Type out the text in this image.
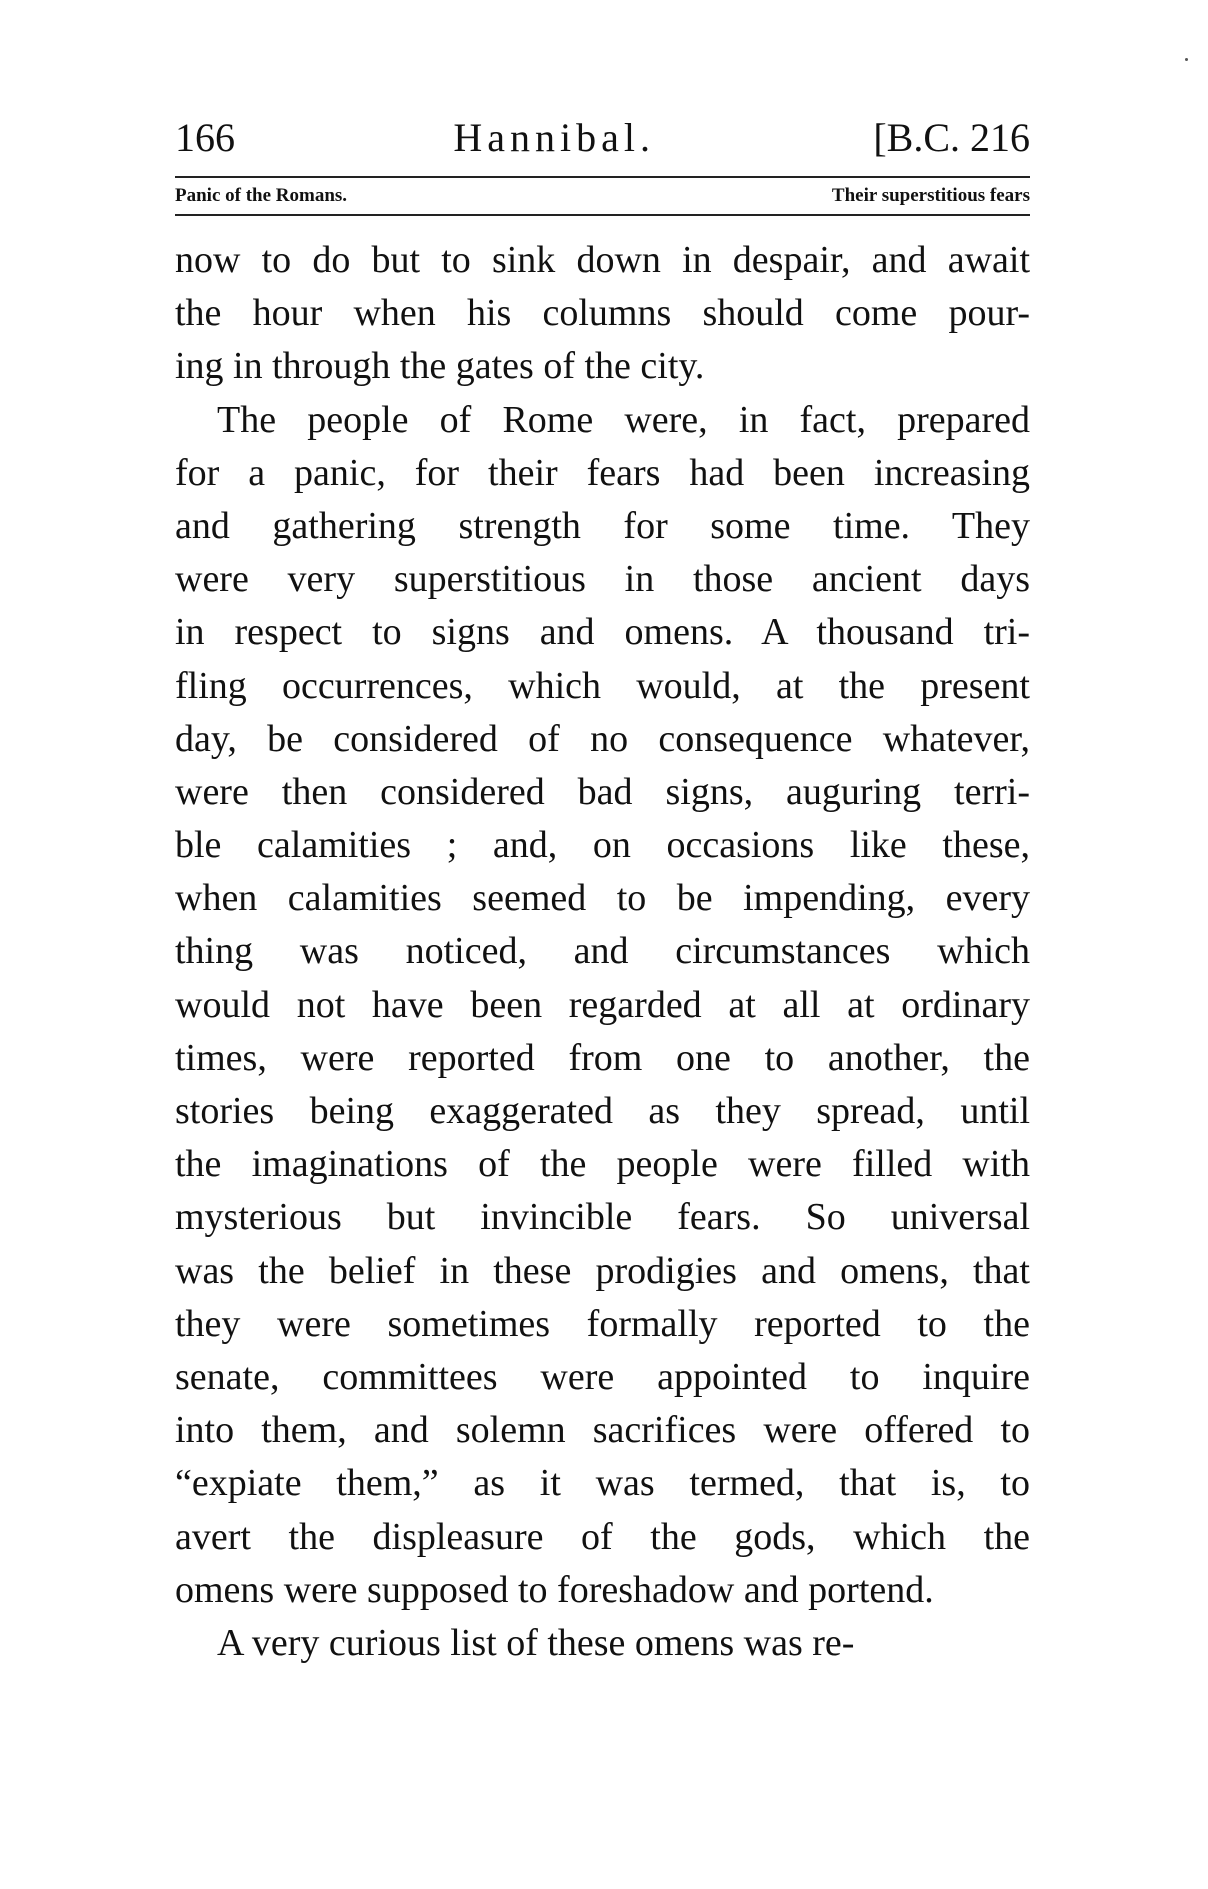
166	Hannibal.	[B.C. 216
Panic of the Romans.	Their superstitious fears

now to do but to sink down in despair, and await
the hour when his columns should come pour-
ing in through the gates of the city.

The people of Rome were, in fact, prepared
for a panic, for their fears had been increasing
and gathering strength for some time. They
were very superstitious in those ancient days
in respect to signs and omens. A thousand tri-
fling occurrences, which would, at the present
day, be considered of no consequence whatever,
were then considered bad signs, auguring terri-
ble calamities ; and, on occasions like these,
when calamities seemed to be impending, every
thing was noticed, and circumstances which
would not have been regarded at all at ordinary
times, were reported from one to another, the
stories being exaggerated as they spread, until
the imaginations of the people were filled with
mysterious but invincible fears. So universal
was the belief in these prodigies and omens, that
they were sometimes formally reported to the
senate, committees were appointed to inquire
into them, and solemn sacrifices were offered to
“expiate them,” as it was termed, that is, to
avert the displeasure of the gods, which the
omens were supposed to foreshadow and portend.

A very curious list of these omens was re-
